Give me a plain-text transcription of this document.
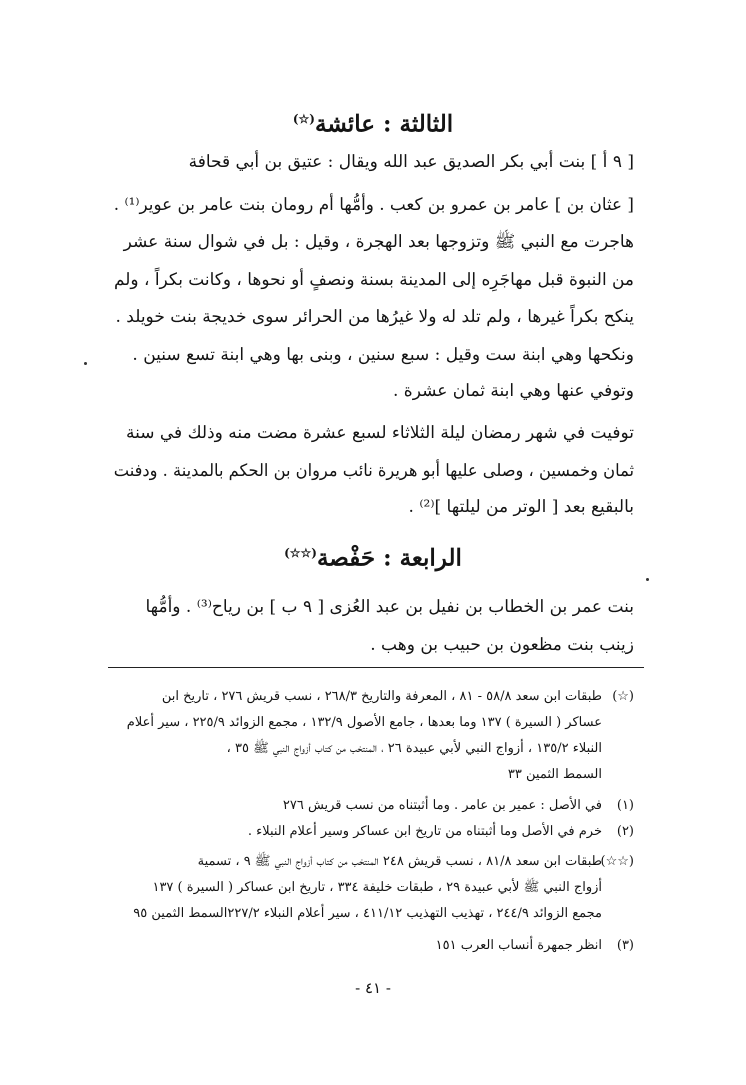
الثالثة : عائشة(☆)
[ ٩ أ ] بنت أبي بكر الصديق عبد الله ويقال : عتيق بن أبي قحافة
[ عثان بن ] عامر بن عمرو بن كعب . وأمُّها أم رومان بنت عامر بن عوير⁽¹⁾ .
هاجرت مع النبي ﷺ وتزوجها بعد الهجرة ، وقيل : بل في شوال سنة عشر
من النبوة قبل مهاجَرِه إلى المدينة بسنة ونصفٍ أو نحوها ، وكانت بكراً ، ولم
ينكح بكراً غيرها ، ولم تلد له ولا غيرُها من الحرائر سوى خديجة بنت خويلد .
ونكحها وهي ابنة ست وقيل : سبع سنين ، وبنى بها وهي ابنة تسع سنين .
وتوفي عنها وهي ابنة ثمان عشرة .
توفيت في شهر رمضان ليلة الثلاثاء لسبع عشرة مضت منه وذلك في سنة
ثمان وخمسين ، وصلى عليها أبو هريرة نائب مروان بن الحكم بالمدينة . ودفنت
بالبقيع بعد [ الوتر من ليلتها ]⁽²⁾ .
الرابعة : حَفْصة(☆☆)
بنت عمر بن الخطاب بن نفيل بن عبد العُزى [ ٩ ب ] بن رياح⁽³⁾ . وأمُّها
زينب بنت مظعون بن حبيب بن وهب .
(☆)طبقات ابن سعد ٥٨/٨ - ٨١ ، المعرفة والتاريخ ٢٦٨/٣ ، نسب قريش ٢٧٦ ، تاريخ ابن
عساكر ( السيرة ) ١٣٧ وما بعدها ، جامع الأصول ١٣٢/٩ ، مجمع الزوائد ٢٢٥/٩ ، سير أعلام
النبلاء ١٣٥/٢ ، أزواج النبي لأبي عبيدة ٢٦ ، المنتخب من كتاب أزواج النبي ﷺ ٣٥ ،
السمط الثمين ٣٣
(١)في الأصل : عمير بن عامر . وما أثبتناه من نسب قريش ٢٧٦
(٢)خرم في الأصل وما أثبتناه من تاريخ ابن عساكر وسير أعلام النبلاء .
(☆☆)طبقات ابن سعد ٨١/٨ ، نسب قريش ٢٤٨ المنتخب من كتاب أزواج النبي ﷺ ٩ ، تسمية
أزواج النبي ﷺ لأبي عبيدة ٢٩ ، طبقات خليفة ٣٣٤ ، تاريخ ابن عساكر ( السيرة ) ١٣٧
مجمع الزوائد ٢٤٤/٩ ، تهذيب التهذيب ٤١١/١٢ ، سير أعلام النبلاء ٢٢٧/٢السمط الثمين ٩٥
(٣)انظر جمهرة أنساب العرب ١٥١
- ٤١ -
